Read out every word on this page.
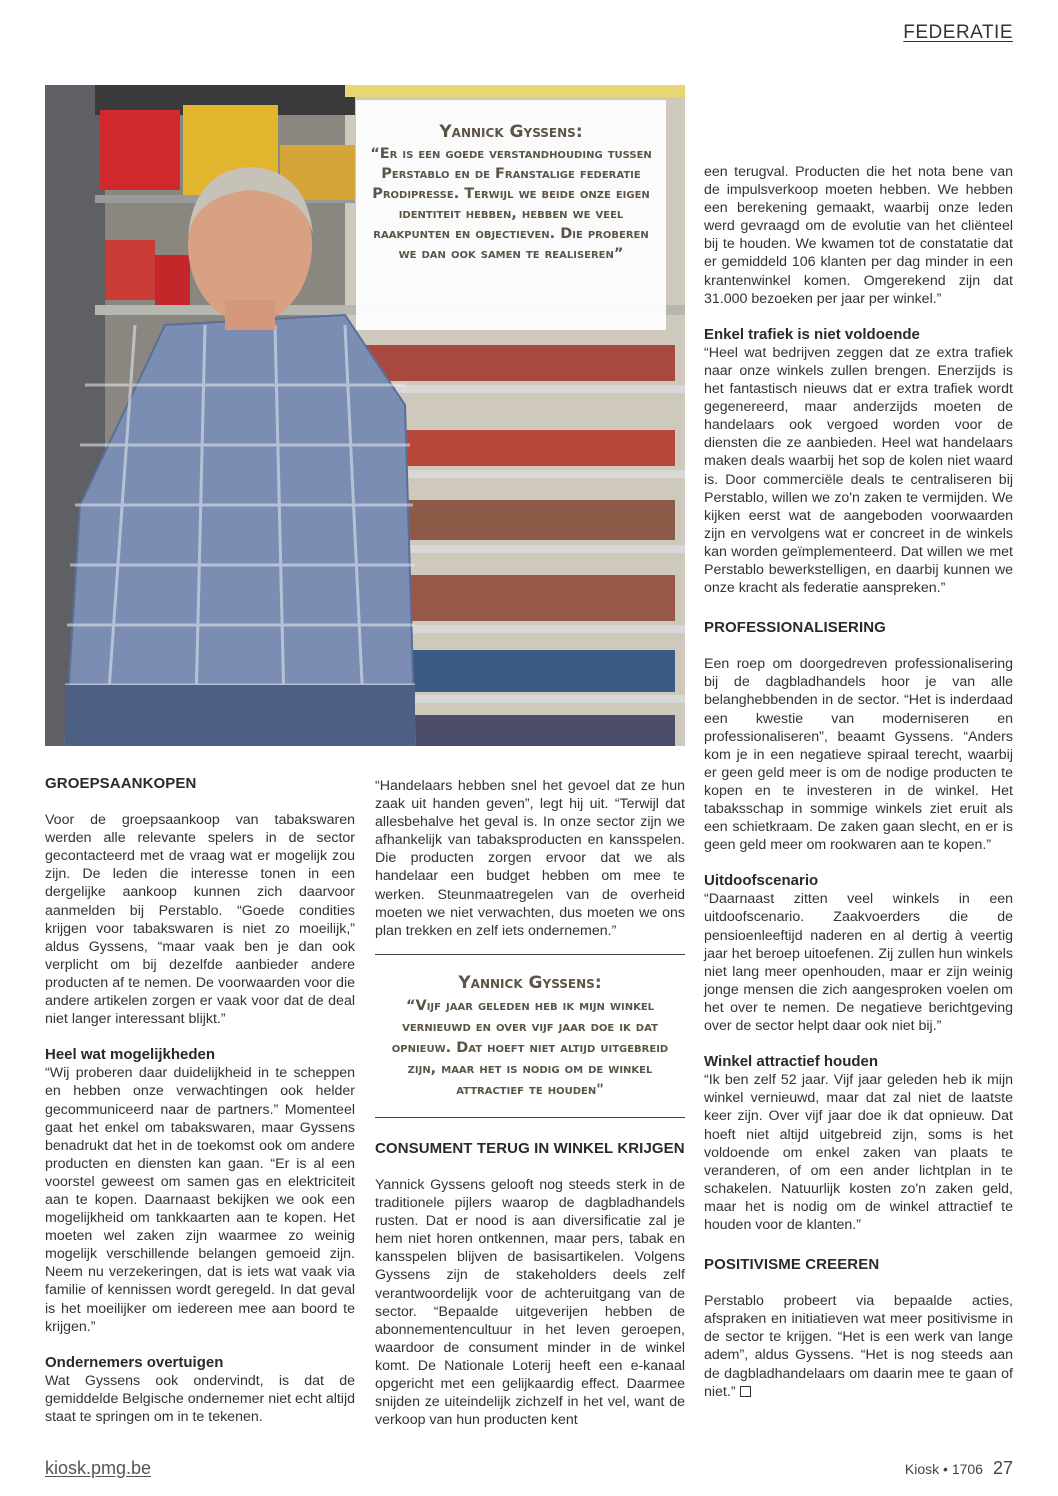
FEDERATIE
Yannick Gyssens:
“Er is een goede verstandhouding tussen Perstablo en de Franstalige federatie Prodipresse. Terwijl we beide onze eigen identiteit hebben, hebben we veel raakpunten en objectieven. Die proberen we dan ook samen te realiseren”
GROEPSAANKOPEN

Voor de groepsaankoop van tabakswaren werden alle relevante spelers in de sector gecontacteerd met de vraag wat er mogelijk zou zijn. De leden die interesse tonen in een dergelijke aankoop kunnen zich daarvoor aanmelden bij Perstablo. “Goede condities krijgen voor tabakswaren is niet zo moeilijk,” aldus Gyssens, “maar vaak ben je dan ook verplicht om bij dezelfde aanbieder andere producten af te nemen. De voorwaarden voor die andere artikelen zorgen er vaak voor dat de deal niet langer interessant blijkt.”

Heel wat mogelijkheden

“Wij proberen daar duidelijkheid in te scheppen en hebben onze verwachtingen ook helder gecommuniceerd naar de partners.” Momenteel gaat het enkel om tabakswaren, maar Gyssens benadrukt dat het in de toekomst ook om andere producten en diensten kan gaan. “Er is al een voorstel geweest om samen gas en elektriciteit aan te kopen. Daarnaast bekijken we ook een mogelijkheid om tankkaarten aan te kopen. Het moeten wel zaken zijn waarmee zo weinig mogelijk verschillende belangen gemoeid zijn. Neem nu verzekeringen, dat is iets wat vaak via familie of kennissen wordt geregeld. In dat geval is het moeilijker om iedereen mee aan boord te krijgen.”

Ondernemers overtuigen

Wat Gyssens ook ondervindt, is dat de gemiddelde Belgische ondernemer niet echt altijd staat te springen om in te tekenen.

“Handelaars hebben snel het gevoel dat ze hun zaak uit handen geven”, legt hij uit. “Terwijl dat allesbehalve het geval is. In onze sector zijn we afhankelijk van tabaksproducten en kansspelen. Die producten zorgen ervoor dat we als handelaar een budget hebben om mee te werken. Steunmaatregelen van de overheid moeten we niet verwachten, dus moeten we ons plan trekken en zelf iets ondernemen.”

Yannick Gyssens:
“Vijf jaar geleden heb ik mijn winkel vernieuwd en over vijf jaar doe ik dat opnieuw. Dat hoeft niet altijd uitgebreid zijn, maar het is nodig om de winkel attractief te houden"
CONSUMENT TERUG IN WINKEL KRIJGEN

Yannick Gyssens gelooft nog steeds sterk in de traditionele pijlers waarop de dagbladhandels rusten. Dat er nood is aan diversificatie zal je hem niet horen ontkennen, maar pers, tabak en kansspelen blijven de basisartikelen. Volgens Gyssens zijn de stakeholders deels zelf verantwoordelijk voor de achteruitgang van de sector. “Bepaalde uitgeverijen hebben de abonnementencultuur in het leven geroepen, waardoor de consument minder in de winkel komt. De Nationale Loterij heeft een e-kanaal opgericht met een gelijkaardig effect. Daarmee snijden ze uiteindelijk zichzelf in het vel, want de verkoop van hun producten kent

een terugval. Producten die het nota bene van de impulsverkoop moeten hebben. We hebben een berekening gemaakt, waarbij onze leden werd gevraagd om de evolutie van het cliënteel bij te houden. We kwamen tot de constatatie dat er gemiddeld 106 klanten per dag minder in een krantenwinkel komen. Omgerekend zijn dat 31.000 bezoeken per jaar per winkel.”

Enkel trafiek is niet voldoende

“Heel wat bedrijven zeggen dat ze extra trafiek naar onze winkels zullen brengen. Enerzijds is het fantastisch nieuws dat er extra trafiek wordt gegenereerd, maar anderzijds moeten de handelaars ook vergoed worden voor de diensten die ze aanbieden. Heel wat handelaars maken deals waarbij het sop de kolen niet waard is. Door commerciële deals te centraliseren bij Perstablo, willen we zo'n zaken te vermijden. We kijken eerst wat de aangeboden voorwaarden zijn en vervolgens wat er concreet in de winkels kan worden geïmplementeerd. Dat willen we met Perstablo bewerkstelligen, en daarbij kunnen we onze kracht als federatie aanspreken.”

PROFESSIONALISERING

Een roep om doorgedreven professionalisering bij de dagbladhandels hoor je van alle belanghebbenden in de sector. “Het is inderdaad een kwestie van moderniseren en professionaliseren”, beaamt Gyssens. “Anders kom je in een negatieve spiraal terecht, waarbij er geen geld meer is om de nodige producten te kopen en te investeren in de winkel. Het tabaksschap in sommige winkels ziet eruit als een schietkraam. De zaken gaan slecht, en er is geen geld meer om rookwaren aan te kopen.”

Uitdoofscenario

“Daarnaast zitten veel winkels in een uitdoofscenario. Zaakvoerders die de pensioenleeftijd naderen en al dertig à veertig jaar het beroep uitoefenen. Zij zullen hun winkels niet lang meer openhouden, maar er zijn weinig jonge mensen die zich aangesproken voelen om het over te nemen. De negatieve berichtgeving over de sector helpt daar ook niet bij.”

Winkel attractief houden

“Ik ben zelf 52 jaar. Vijf jaar geleden heb ik mijn winkel vernieuwd, maar dat zal niet de laatste keer zijn. Over vijf jaar doe ik dat opnieuw. Dat hoeft niet altijd uitgebreid zijn, soms is het voldoende om enkel zaken van plaats te veranderen, of om een ander lichtplan in te schakelen. Natuurlijk kosten zo'n zaken geld, maar het is nodig om de winkel attractief te houden voor de klanten.”

POSITIVISME CREEREN

Perstablo probeert via bepaalde acties, afspraken en initiatieven wat meer positivisme in de sector te krijgen. “Het is een werk van lange adem”, aldus Gyssens. “Het is nog steeds aan de dagbladhandelaars om daarin mee te gaan of niet.”

kiosk.pmg.be	Kiosk • 1706 27
